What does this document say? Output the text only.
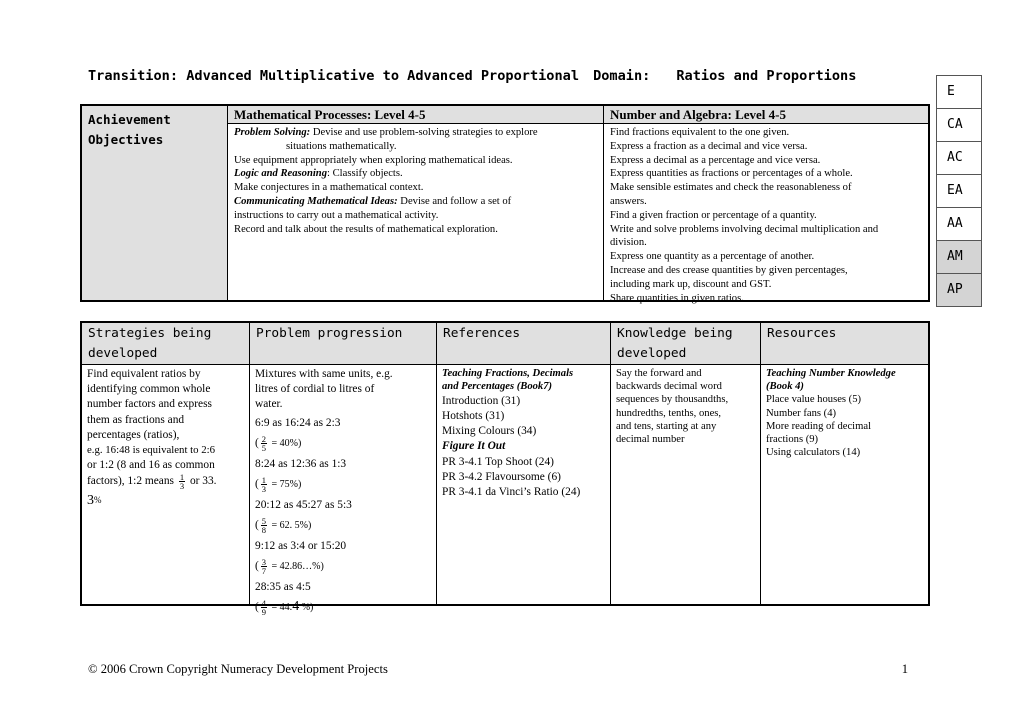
Transition: Advanced Multiplicative to Advanced Proportional Domain: Ratios and Proportions
E
CA
AC
EA
AA
AM
AP
Achievement
Objectives
Mathematical Processes: Level 4-5

Problem Solving: Devise and use problem-solving strategies to explore

situations mathematically.

Use equipment appropriately when exploring mathematical ideas.

Logic and Reasoning: Classify objects.

Make conjectures in a mathematical context.

Communicating Mathematical Ideas: Devise and follow a set of

instructions to carry out a mathematical activity.

Record and talk about the results of mathematical exploration.

Number and Algebra: Level 4-5

Find fractions equivalent to the one given.

Express a fraction as a decimal and vice versa.

Express a decimal as a percentage and vice versa.

Express quantities as fractions or percentages of a whole.

Make sensible estimates and check the reasonableness of

answers.

Find a given fraction or percentage of a quantity.

Write and solve problems involving decimal multiplication and

division.

Express one quantity as a percentage of another.

Increase and des crease quantities by given percentages,

including mark up, discount and GST.

Share quantities in given ratios.

Strategies being developed

Find equivalent ratios by

identifying common whole

number factors and express

them as fractions and

percentages (ratios),

e.g. 16:48 is equivalent to 2:6

or 1:2 (8 and 16 as common

factors), 1:2 means $\frac{1}{3}$ or 33.

3%

Problem progression

Mixtures with same units, e.g.

litres of cordial to litres of

water.

6:9 as 16:24 as 2:3

( $\frac{2}{5} = 40\%$)

8:24 as 12:36 as 1:3

( $\frac{1}{3} = 75\%$)

20:12 as 45:27 as 5:3

( $\frac{5}{8} = 62$. 5%)

9:12 as 3:4 or 15:20

( $\frac{3}{7}$ = 42.86…%)

28:35 as 4:5

( $\frac{4}{9} = 44.4$ %)

References

Teaching Fractions, Decimals

and Percentages (Book7)

Introduction (31)

Hotshots (31)

Mixing Colours (34)

Figure It Out

PR 3-4.1 Top Shoot (24)

PR 3-4.2 Flavoursome (6)

PR 3-4.1 da Vinci’s Ratio (24)

Knowledge being developed

Say the forward and

backwards decimal word

sequences by thousandths,

hundredths, tenths, ones,

and tens, starting at any

decimal number

Resources

Teaching Number Knowledge

(Book 4)

Place value houses (5)

Number fans (4)

More reading of decimal

fractions (9)

Using calculators (14)

© 2006 Crown Copyright Numeracy Development Projects	1
